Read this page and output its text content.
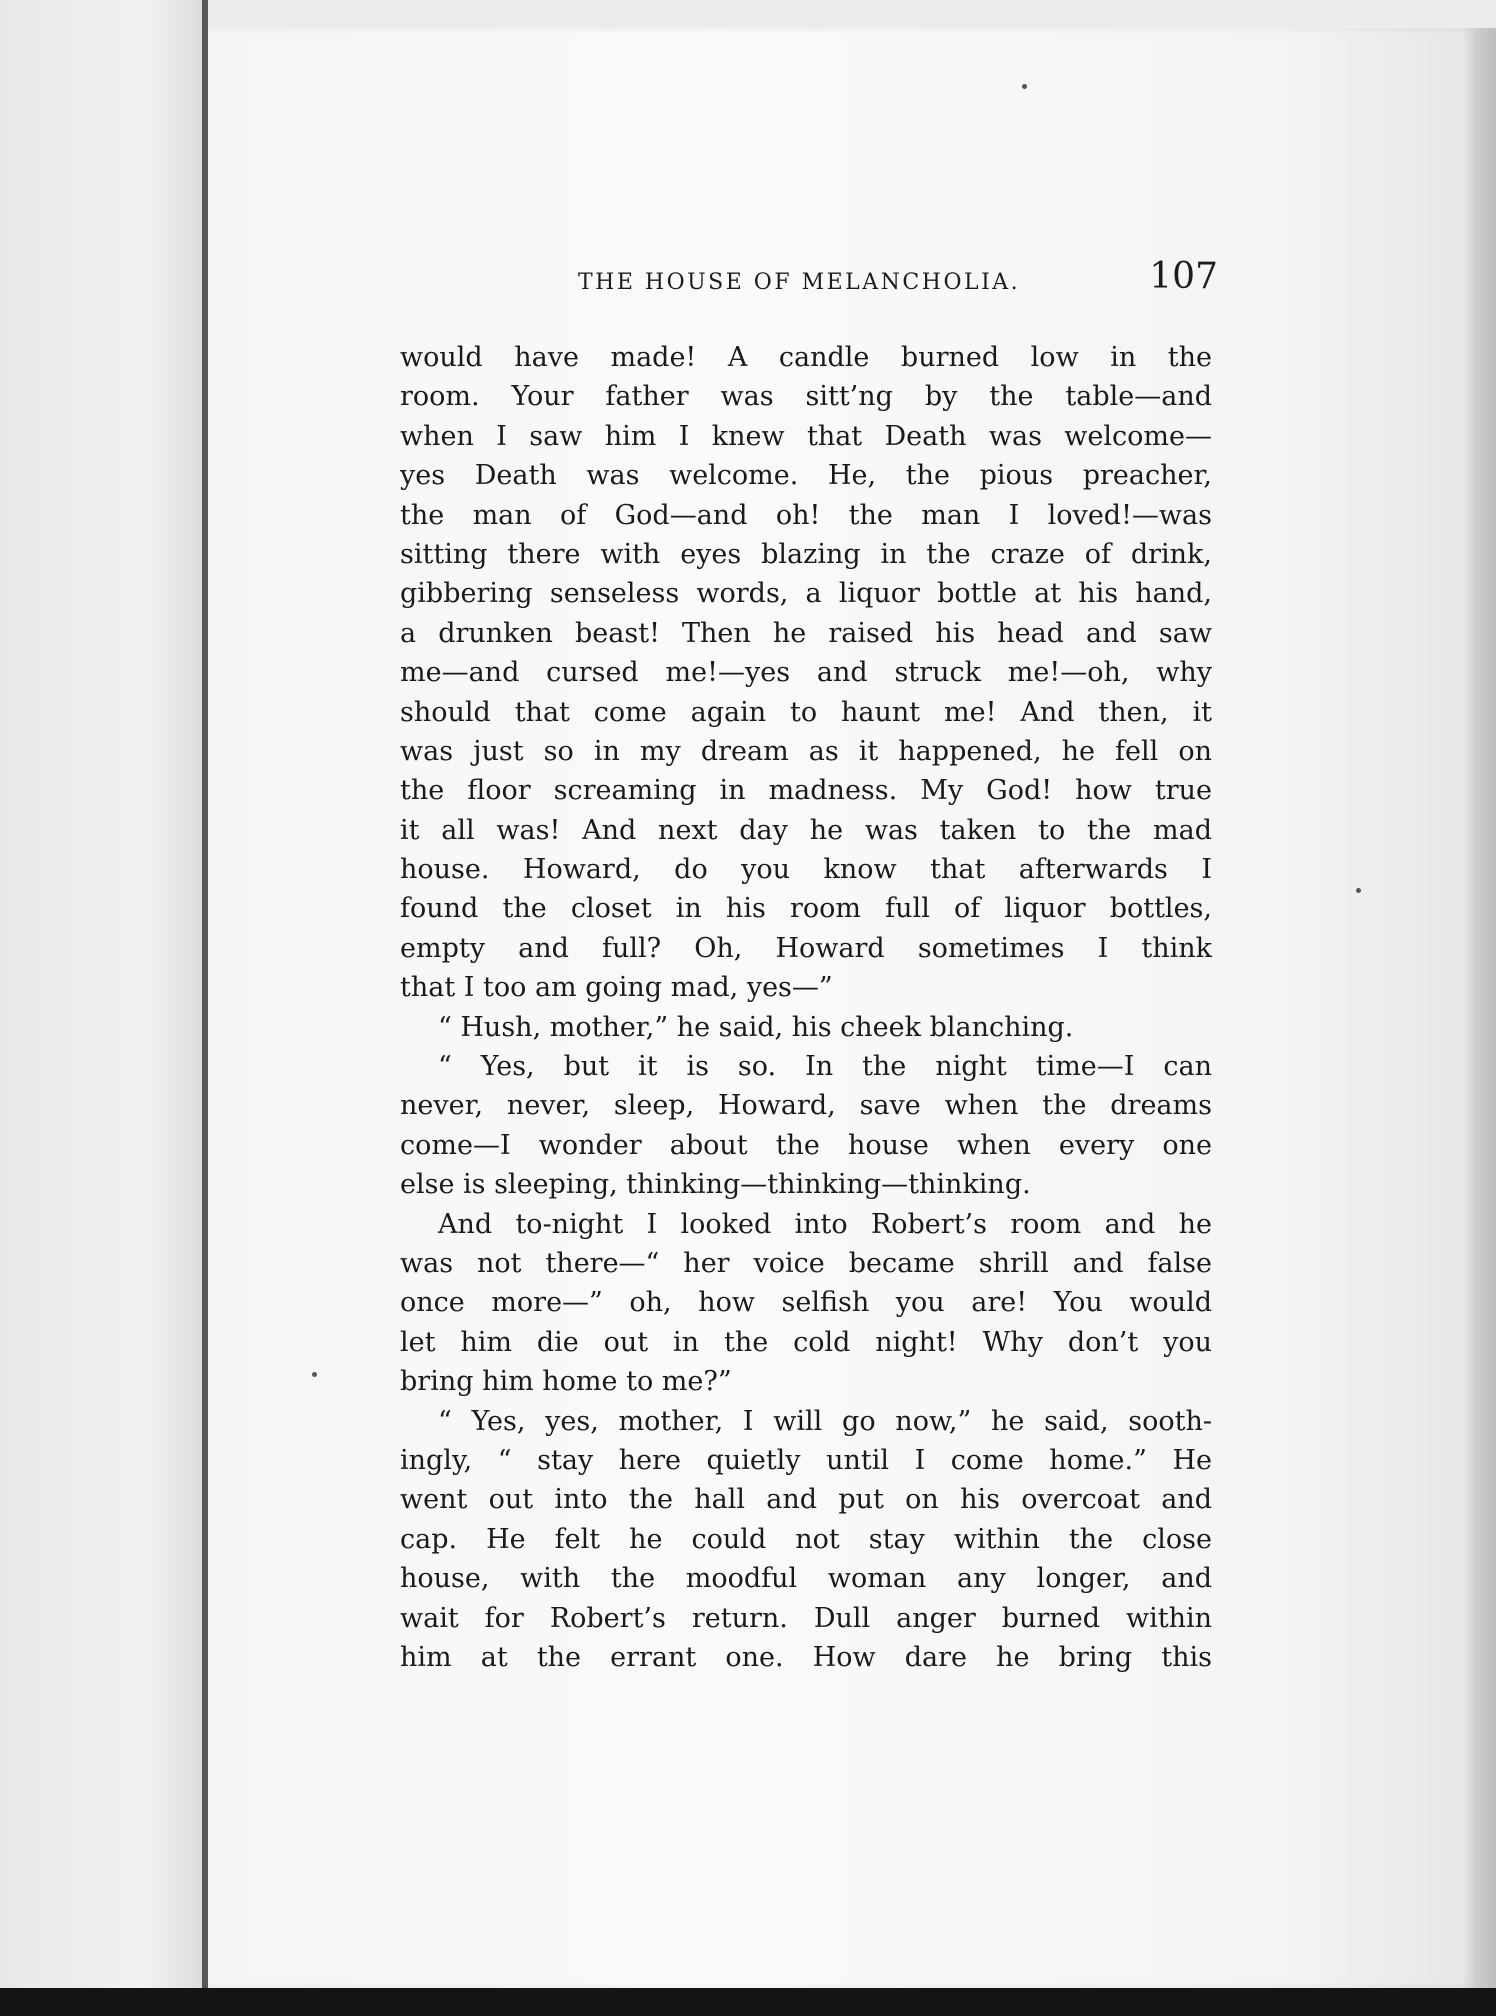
THE HOUSE OF MELANCHOLIA.	107
would have made! A candle burned low in the
room. Your father was sitt’ng by the table—and
when I saw him I knew that Death was welcome—
yes Death was welcome. He, the pious preacher,
the man of God—and oh! the man I loved!—was
sitting there with eyes blazing in the craze of drink,
gibbering senseless words, a liquor bottle at his hand,
a drunken beast! Then he raised his head and saw
me—and cursed me!—yes and struck me!—oh, why
should that come again to haunt me! And then, it
was just so in my dream as it happened, he fell on
the floor screaming in madness. My God! how true
it all was! And next day he was taken to the mad
house. Howard, do you know that afterwards I
found the closet in his room full of liquor bottles,
empty and full? Oh, Howard sometimes I think
that I too am going mad, yes—”
“ Hush, mother,” he said, his cheek blanching.
“ Yes, but it is so. In the night time—I can
never, never, sleep, Howard, save when the dreams
come—I wonder about the house when every one
else is sleeping, thinking—thinking—thinking.
And to-night I looked into Robert’s room and he
was not there—“ her voice became shrill and false
once more—” oh, how selfish you are! You would
let him die out in the cold night! Why don’t you
bring him home to me?”
“ Yes, yes, mother, I will go now,” he said, sooth-
ingly, “ stay here quietly until I come home.” He
went out into the hall and put on his overcoat and
cap. He felt he could not stay within the close
house, with the moodful woman any longer, and
wait for Robert’s return. Dull anger burned within
him at the errant one. How dare he bring this
